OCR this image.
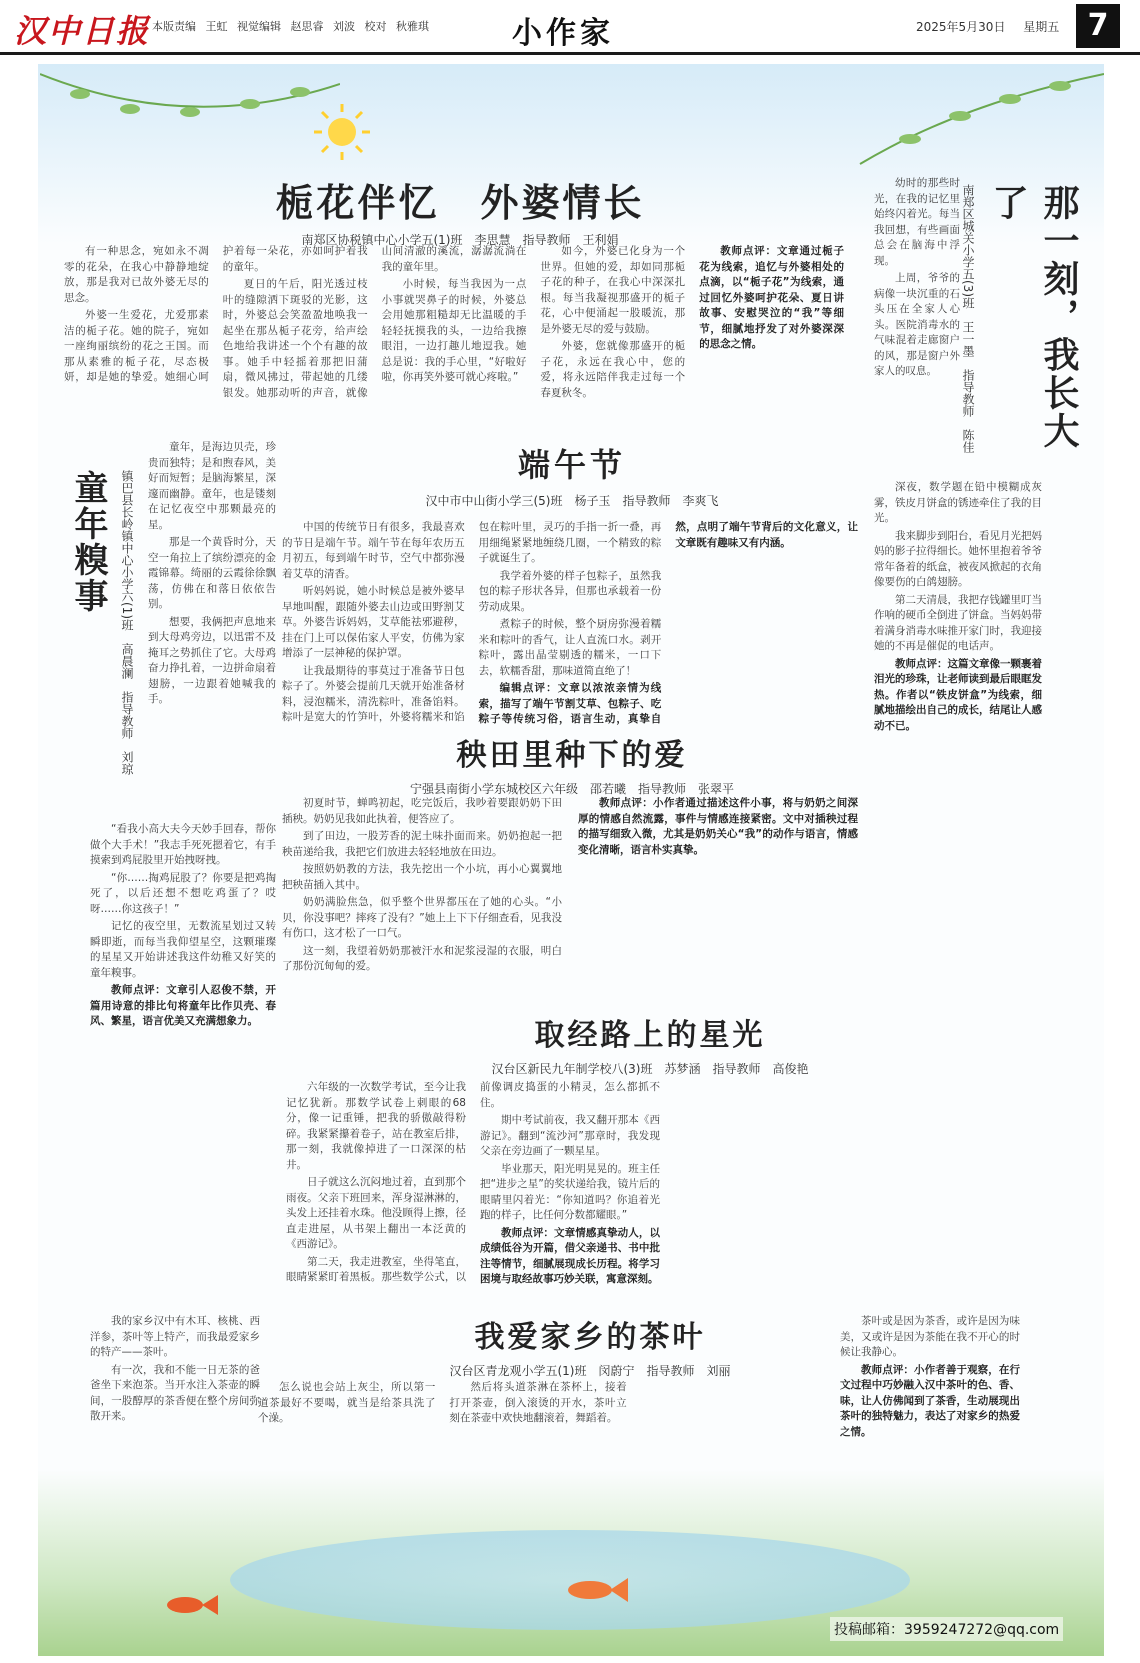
汉中日报 本版责编 王虹 视觉编辑 赵思睿 刘波 校对 秋雅琪	小作家	2025年5月30日 星期五 7
栀花伴忆　外婆情长
南郑区协税镇中心小学五(1)班　李思慧　指导教师　王利娟

有一种思念，宛如永不凋零的花朵，在我心中静静地绽放，那是我对已故外婆无尽的思念。

外婆一生爱花，尤爱那素洁的栀子花。她的院子，宛如一座绚丽缤纷的花之王国。而那从素雅的栀子花，尽态极妍，却是她的挚爱。她细心呵护着每一朵花，亦如呵护着我的童年。

夏日的午后，阳光透过枝叶的缝隙洒下斑驳的光影，这时，外婆总会笑盈盈地唤我一起坐在那丛栀子花旁，给声绘色地给我讲述一个个有趣的故事。她手中轻摇着那把旧蒲扇，微风拂过，带起她的几缕银发。她那动听的声音，就像山间清澈的溪流，潺潺流淌在我的童年里。

小时候，每当我因为一点小事就哭鼻子的时候，外婆总会用她那粗糙却无比温暖的手轻轻抚摸我的头，一边给我擦眼泪，一边打趣儿地逗我。她总是说：我的手心里，“好啦好啦，你再笑外婆可就心疼啦。”

如今，外婆已化身为一个世界。但她的爱，却如同那栀子花的种子，在我心中深深扎根。每当我凝视那盛开的栀子花，心中便涌起一股暖流，那是外婆无尽的爱与鼓励。

外婆，您就像那盛开的栀子花，永远在我心中，您的爱，将永远陪伴我走过每一个春夏秋冬。

教师点评：文章通过栀子花为线索，追忆与外婆相处的点滴，以“栀子花”为线索，通过回忆外婆呵护花朵、夏日讲故事、安慰哭泣的“我”等细节，细腻地抒发了对外婆深深的思念之情。	南郑区城关小学五(3)班　王一墨　指导教师　陈佳	那一刻，我长大了

幼时的那些时光，在我的记忆里始终闪着光。每当我回想，有些画面总会在脑海中浮现。

上周，爷爷的病像一块沉重的石头压在全家人心头。医院消毒水的气味混着走廊窗户的风，那是窗户外家人的叹息。

深夜，数学题在铅中模糊成灰雾，铁皮月饼盒的锈迹牵住了我的目光。

我来脚步到阳台，看见月光把妈妈的影子拉得细长。她怀里抱着爷爷常年备着的纸盒，被夜风掀起的衣角像要伤的白鸽翅膀。

第二天清晨，我把存钱罐里叮当作响的硬币全倒进了饼盒。当妈妈带着满身消毒水味推开家门时，我迎接她的不再是催促的电话声。

教师点评：这篇文章像一颗裹着泪光的珍珠，让老师读到最后眼眶发热。作者以“铁皮饼盒”为线索，细腻地描绘出自己的成长，结尾让人感动不已。

端午节
汉中市中山街小学三(5)班　杨子玉　指导教师　李爽飞

中国的传统节日有很多，我最喜欢的节日是端午节。端午节在每年农历五月初五，每到端午时节，空气中都弥漫着艾草的清香。

听妈妈说，她小时候总是被外婆早早地叫醒，跟随外婆去山边或田野割艾草。外婆告诉妈妈，艾草能祛邪避秽，挂在门上可以保佑家人平安，仿佛为家增添了一层神秘的保护罩。

让我最期待的事莫过于准备节日包粽子了。外婆会提前几天就开始准备材料，浸泡糯米，清洗粽叶，准备馅料。粽叶是宽大的竹笋叶，外婆将糯米和馅包在粽叶里，灵巧的手指一折一叠，再用细绳紧紧地缠绕几圈，一个精致的粽子就诞生了。

我学着外婆的样子包粽子，虽然我包的粽子形状各异，但那也承载着一份劳动成果。

煮粽子的时候，整个厨房弥漫着糯米和粽叶的香气，让人直流口水。剥开粽叶，露出晶莹剔透的糯米，一口下去，软糯香甜，那味道简直绝了！

编辑点评：文章以浓浓亲情为线索，描写了端午节割艾草、包粽子、吃粽子等传统习俗，语言生动，真挚自然，点明了端午节背后的文化意义，让文章既有趣味又有内涵。

童年糗事	镇巴县长岭镇中心小学六(1)班　高晨澜　指导教师　刘琼

童年，是海边贝壳，珍贵而独特；是和煦春风，美好而短暂；是脑海繁星，深邃而幽静。童年，也是镂刻在记忆夜空中那颗最亮的星。

那是一个黄昏时分，天空一角拉上了缤纷漂亮的金霞锦幕。绮丽的云霞徐徐飘荡，仿佛在和落日依依告别。

想要，我俩把声息地来到大母鸡旁边，以迅雷不及掩耳之势抓住了它。大母鸡奋力挣扎着，一边拼命扇着翅膀，一边跟着她喊我的手。

“看我小高大夫今天妙手回春，帮你做个大手术！”我志手死死摁着它，有手摸索到鸡屁股里开始拽呀拽。

“你……掏鸡屁股了？你要是把鸡掏死了，以后还想不想吃鸡蛋了？哎呀……你这孩子！”

记忆的夜空里，无数流星划过又转瞬即逝，而每当我仰望星空，这颗璀璨的星星又开始讲述我这件幼稚又好笑的童年糗事。

教师点评：文章引人忍俊不禁，开篇用诗意的排比句将童年比作贝壳、春风、繁星，语言优美又充满想象力。

秧田里种下的爱
宁强县南街小学东城校区六年级　邵若曦　指导教师　张翠平

初夏时节，蝉鸣初起，吃完饭后，我吵着要跟奶奶下田插秧。奶奶见我如此执着，便答应了。

到了田边，一股芳香的泥土味扑面而来。奶奶抱起一把秧苗递给我，我把它们放进去轻轻地放在田边。

按照奶奶教的方法，我先挖出一个小坑，再小心翼翼地把秧苗插入其中。

奶奶满脸焦急，似乎整个世界都压在了她的心头。“小贝，你没事吧？摔疼了没有？”她上上下下仔细查看，见我没有伤口，这才松了一口气。

这一刻，我望着奶奶那被汗水和泥浆浸湿的衣服，明白了那份沉甸甸的爱。

教师点评：小作者通过描述这件小事，将与奶奶之间深厚的情感自然流露，事件与情感连接紧密。文中对插秧过程的描写细致入微，尤其是奶奶关心“我”的动作与语言，情感变化清晰，语言朴实真挚。

取经路上的星光
汉台区新民九年制学校八(3)班　苏梦涵　指导教师　高俊艳

六年级的一次数学考试，至今让我记忆犹新。那数学试卷上刺眼的68分，像一记重锤，把我的骄傲敲得粉碎。我紧紧攥着卷子，站在教室后排，那一刻，我就像掉进了一口深深的枯井。

日子就这么沉闷地过着，直到那个雨夜。父亲下班回来，浑身湿淋淋的，头发上还挂着水珠。他没顾得上擦，径直走进屋，从书架上翻出一本泛黄的《西游记》。

第二天，我走进教室，坐得笔直，眼睛紧紧盯着黑板。那些数学公式，以前像调皮捣蛋的小精灵，怎么都抓不住。

期中考试前夜，我又翻开那本《西游记》。翻到“流沙河”那章时，我发现父亲在旁边画了一颗星星。

毕业那天，阳光明晃晃的。班主任把“进步之星”的奖状递给我，镜片后的眼睛里闪着光：“你知道吗？你追着光跑的样子，比任何分数都耀眼。”

教师点评：文章情感真挚动人，以成绩低谷为开篇，借父亲递书、书中批注等情节，细腻展现成长历程。将学习困境与取经故事巧妙关联，寓意深刻。

我爱家乡的茶叶
汉台区青龙观小学五(1)班　闵蔚宁　指导教师　刘丽

我的家乡汉中有木耳、核桃、西洋参，茶叶等上特产，而我最爱家乡的特产——茶叶。

有一次，我和不能一日无茶的爸爸坐下来泡茶。当开水注入茶壶的瞬间，一股醇厚的茶香便在整个房间弥散开来。

怎么说也会站上灰尘，所以第一道茶最好不要喝，就当是给茶具洗了个澡。

然后将头道茶淋在茶杯上，接着打开茶壶，倒入滚烫的开水，茶叶立刻在茶壶中欢快地翻滚着，舞蹈着。

茶叶或是因为茶香，或许是因为味美，又或许是因为茶能在我不开心的时候让我静心。

教师点评：小作者善于观察，在行文过程中巧妙融入汉中茶叶的色、香、味，让人仿佛闻到了茶香，生动展现出茶叶的独特魅力，表达了对家乡的热爱之情。

投稿邮箱：3959247272@qq.com
